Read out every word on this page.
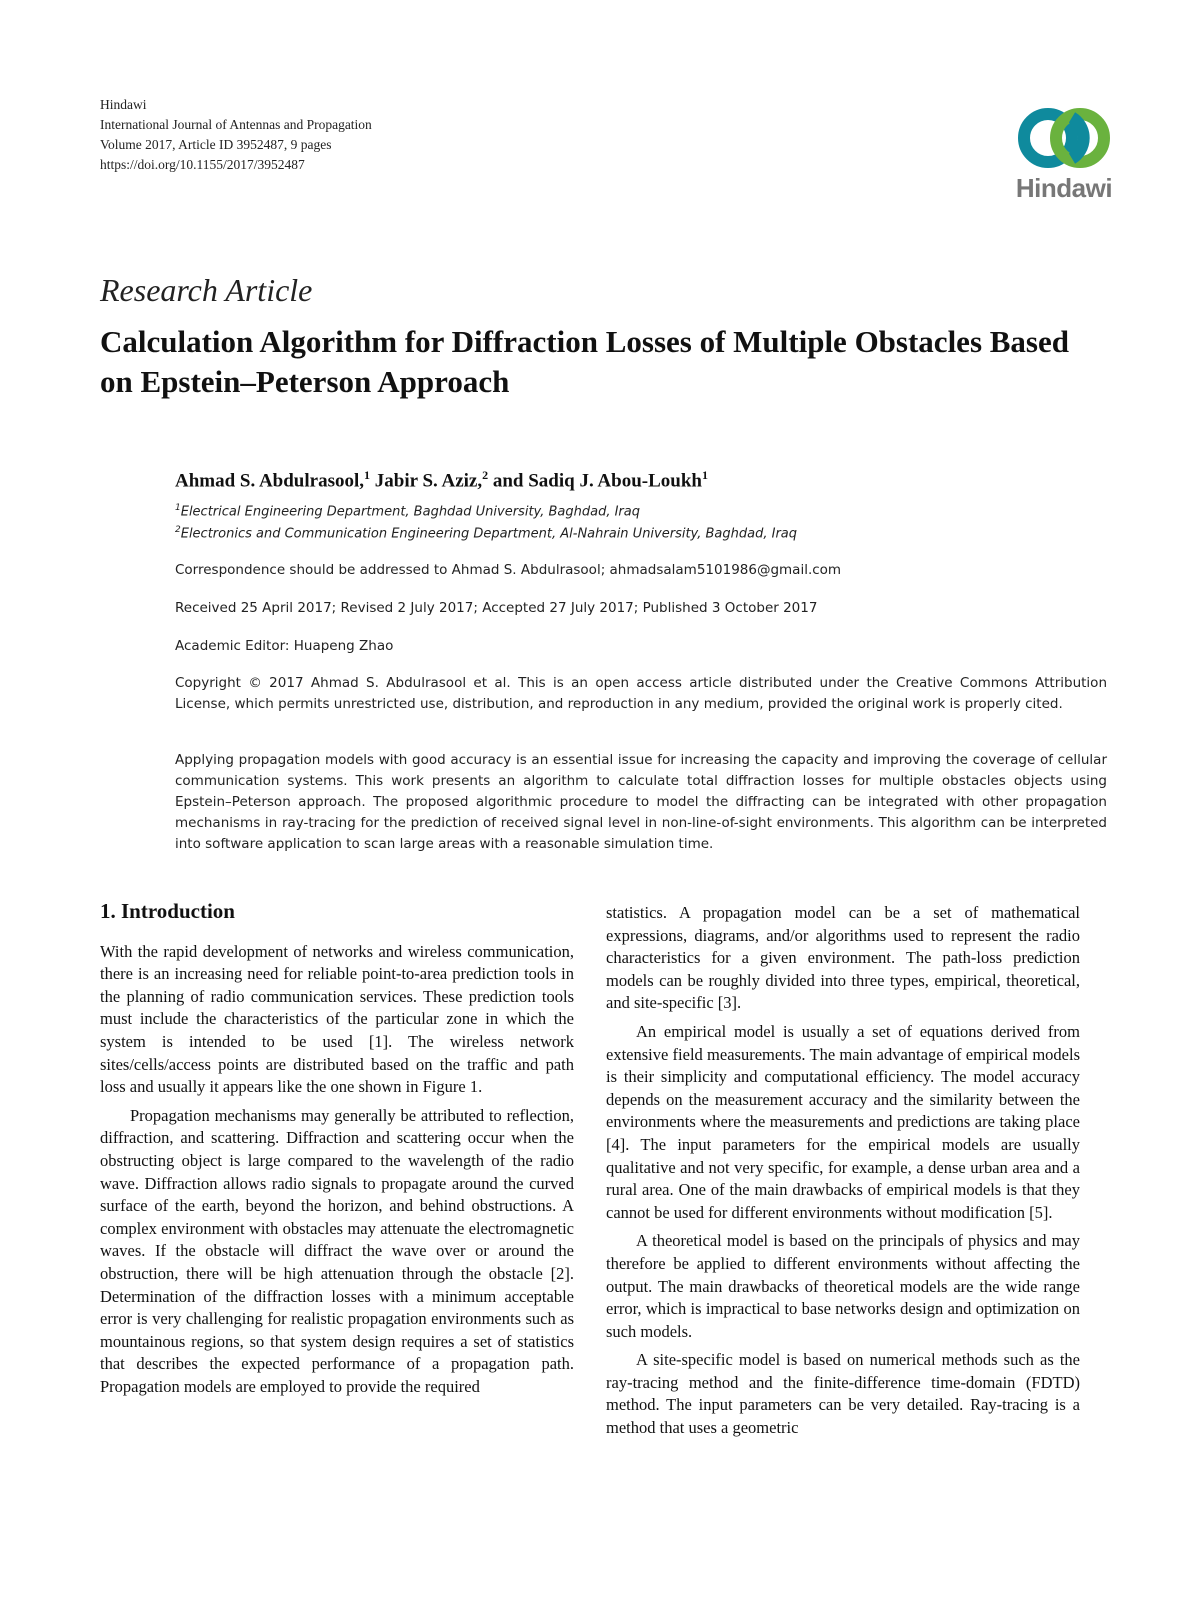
Hindawi
International Journal of Antennas and Propagation
Volume 2017, Article ID 3952487, 9 pages
https://doi.org/10.1155/2017/3952487
Hindawi
Research Article
Calculation Algorithm for Diffraction Losses of Multiple Obstacles Based on Epstein–Peterson Approach
Ahmad S. Abdulrasool,$^1$ Jabir S. Aziz,$^2$ and Sadiq J. Abou-Loukh$^1$
$^1$Electrical Engineering Department, Baghdad University, Baghdad, Iraq
$^2$Electronics and Communication Engineering Department, Al-Nahrain University, Baghdad, Iraq
Correspondence should be addressed to Ahmad S. Abdulrasool; ahmadsalam5101986@gmail.com
Received 25 April 2017; Revised 2 July 2017; Accepted 27 July 2017; Published 3 October 2017
Academic Editor: Huapeng Zhao
Copyright © 2017 Ahmad S. Abdulrasool et al. This is an open access article distributed under the Creative Commons Attribution License, which permits unrestricted use, distribution, and reproduction in any medium, provided the original work is properly cited.
Applying propagation models with good accuracy is an essential issue for increasing the capacity and improving the coverage of cellular communication systems. This work presents an algorithm to calculate total diffraction losses for multiple obstacles objects using Epstein–Peterson approach. The proposed algorithmic procedure to model the diffracting can be integrated with other propagation mechanisms in ray-tracing for the prediction of received signal level in non-line-of-sight environments. This algorithm can be interpreted into software application to scan large areas with a reasonable simulation time.
1. Introduction

With the rapid development of networks and wireless communication, there is an increasing need for reliable point-to-area prediction tools in the planning of radio communication services. These prediction tools must include the characteristics of the particular zone in which the system is intended to be used [1]. The wireless network sites/cells/access points are distributed based on the traffic and path loss and usually it appears like the one shown in Figure 1.

Propagation mechanisms may generally be attributed to reflection, diffraction, and scattering. Diffraction and scattering occur when the obstructing object is large compared to the wavelength of the radio wave. Diffraction allows radio signals to propagate around the curved surface of the earth, beyond the horizon, and behind obstructions. A complex environment with obstacles may attenuate the electromagnetic waves. If the obstacle will diffract the wave over or around the obstruction, there will be high attenuation through the obstacle [2]. Determination of the diffraction losses with a minimum acceptable error is very challenging for realistic propagation environments such as mountainous regions, so that system design requires a set of statistics that describes the expected performance of a propagation path. Propagation models are employed to provide the required

statistics. A propagation model can be a set of mathematical expressions, diagrams, and/or algorithms used to represent the radio characteristics for a given environment. The path-loss prediction models can be roughly divided into three types, empirical, theoretical, and site-specific [3].

An empirical model is usually a set of equations derived from extensive field measurements. The main advantage of empirical models is their simplicity and computational efficiency. The model accuracy depends on the measurement accuracy and the similarity between the environments where the measurements and predictions are taking place [4]. The input parameters for the empirical models are usually qualitative and not very specific, for example, a dense urban area and a rural area. One of the main drawbacks of empirical models is that they cannot be used for different environments without modification [5].

A theoretical model is based on the principals of physics and may therefore be applied to different environments without affecting the output. The main drawbacks of theoretical models are the wide range error, which is impractical to base networks design and optimization on such models.

A site-specific model is based on numerical methods such as the ray-tracing method and the finite-difference time-domain (FDTD) method. The input parameters can be very detailed. Ray-tracing is a method that uses a geometric
